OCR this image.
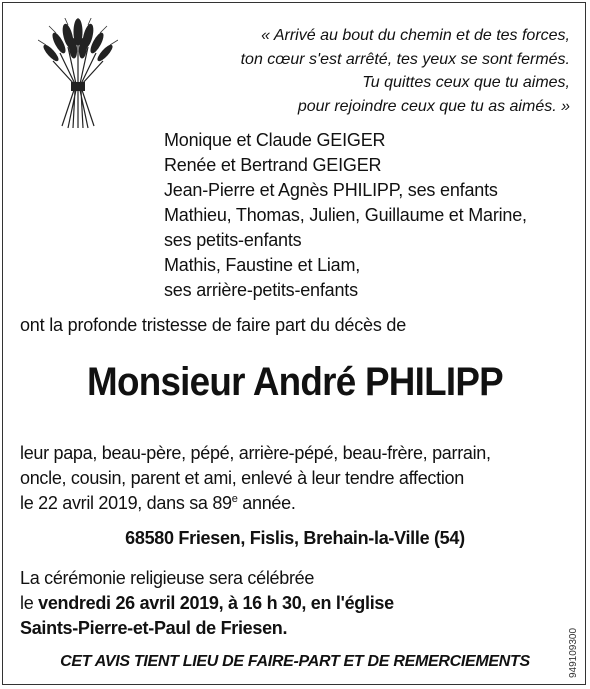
« Arrivé au bout du chemin et de tes forces,
ton cœur s'est arrêté, tes yeux se sont fermés.
Tu quittes ceux que tu aimes,
pour rejoindre ceux que tu as aimés. »
Monique et Claude GEIGER
Renée et Bertrand GEIGER
Jean-Pierre et Agnès PHILIPP, ses enfants
Mathieu, Thomas, Julien, Guillaume et Marine,
ses petits-enfants
Mathis, Faustine et Liam,
ses arrière-petits-enfants
ont la profonde tristesse de faire part du décès de
Monsieur André PHILIPP
leur papa, beau-père, pépé, arrière-pépé, beau-frère, parrain,
oncle, cousin, parent et ami, enlevé à leur tendre affection
le 22 avril 2019, dans sa 89e année.
68580 Friesen, Fislis, Brehain-la-Ville (54)
La cérémonie religieuse sera célébrée
le vendredi 26 avril 2019, à 16 h 30, en l'église
Saints-Pierre-et-Paul de Friesen.
CET AVIS TIENT LIEU DE FAIRE-PART ET DE REMERCIEMENTS	949109300
